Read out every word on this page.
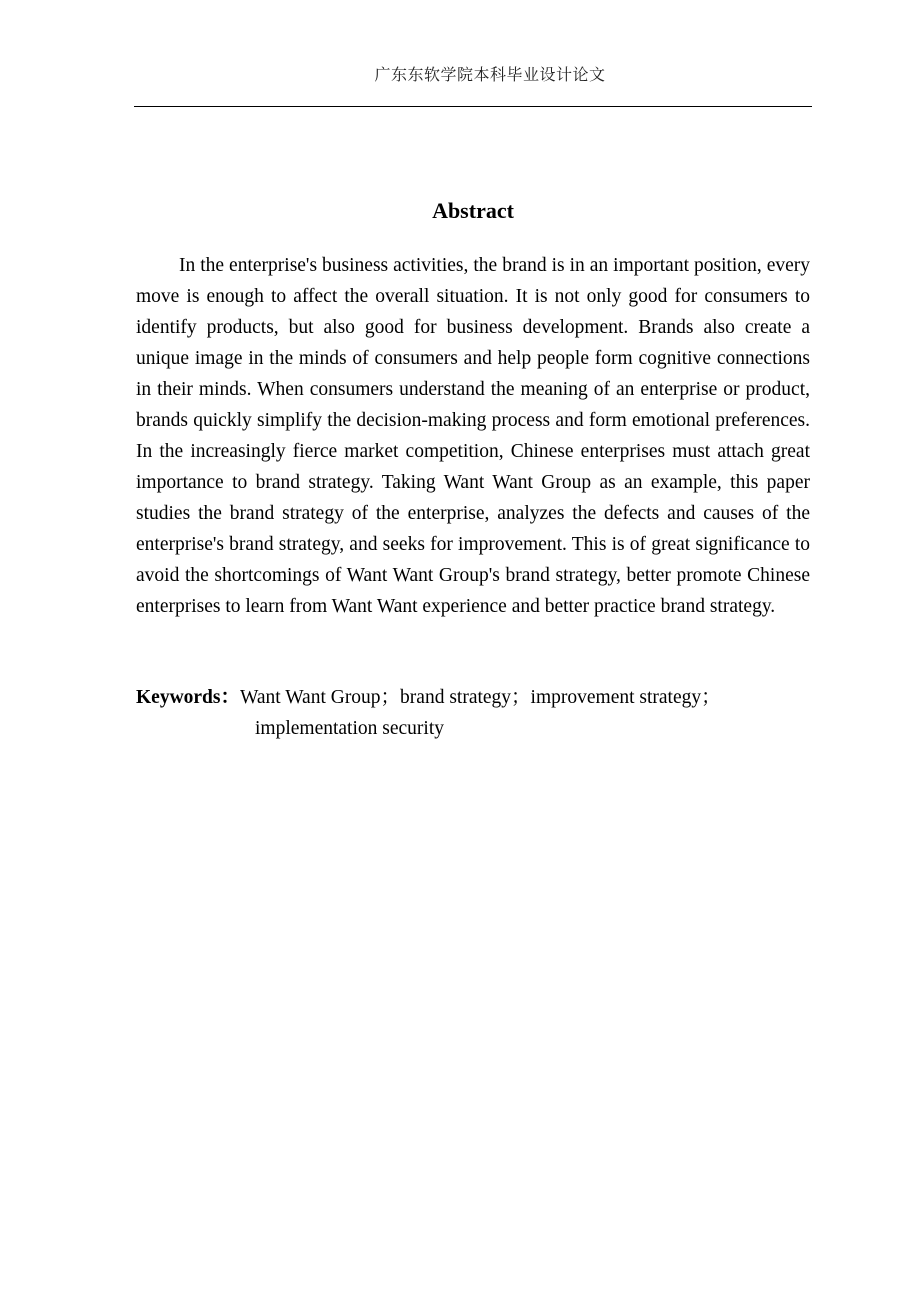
广东东软学院本科毕业设计论文
Abstract

In the enterprise's business activities, the brand is in an important position, every move is enough to affect the overall situation. It is not only good for consumers to identify products, but also good for business development. Brands also create a unique image in the minds of consumers and help people form cognitive connections in their minds. When consumers understand the meaning of an enterprise or product, brands quickly simplify the decision-making process and form emotional preferences. In the increasingly fierce market competition, Chinese enterprises must attach great importance to brand strategy. Taking Want Want Group as an example, this paper studies the brand strategy of the enterprise, analyzes the defects and causes of the enterprise's brand strategy, and seeks for improvement. This is of great significance to avoid the shortcomings of Want Want Group's brand strategy, better promote Chinese enterprises to learn from Want Want experience and better practice brand strategy.

Keywords：Want Want Group；brand strategy；improvement strategy；implementation security
